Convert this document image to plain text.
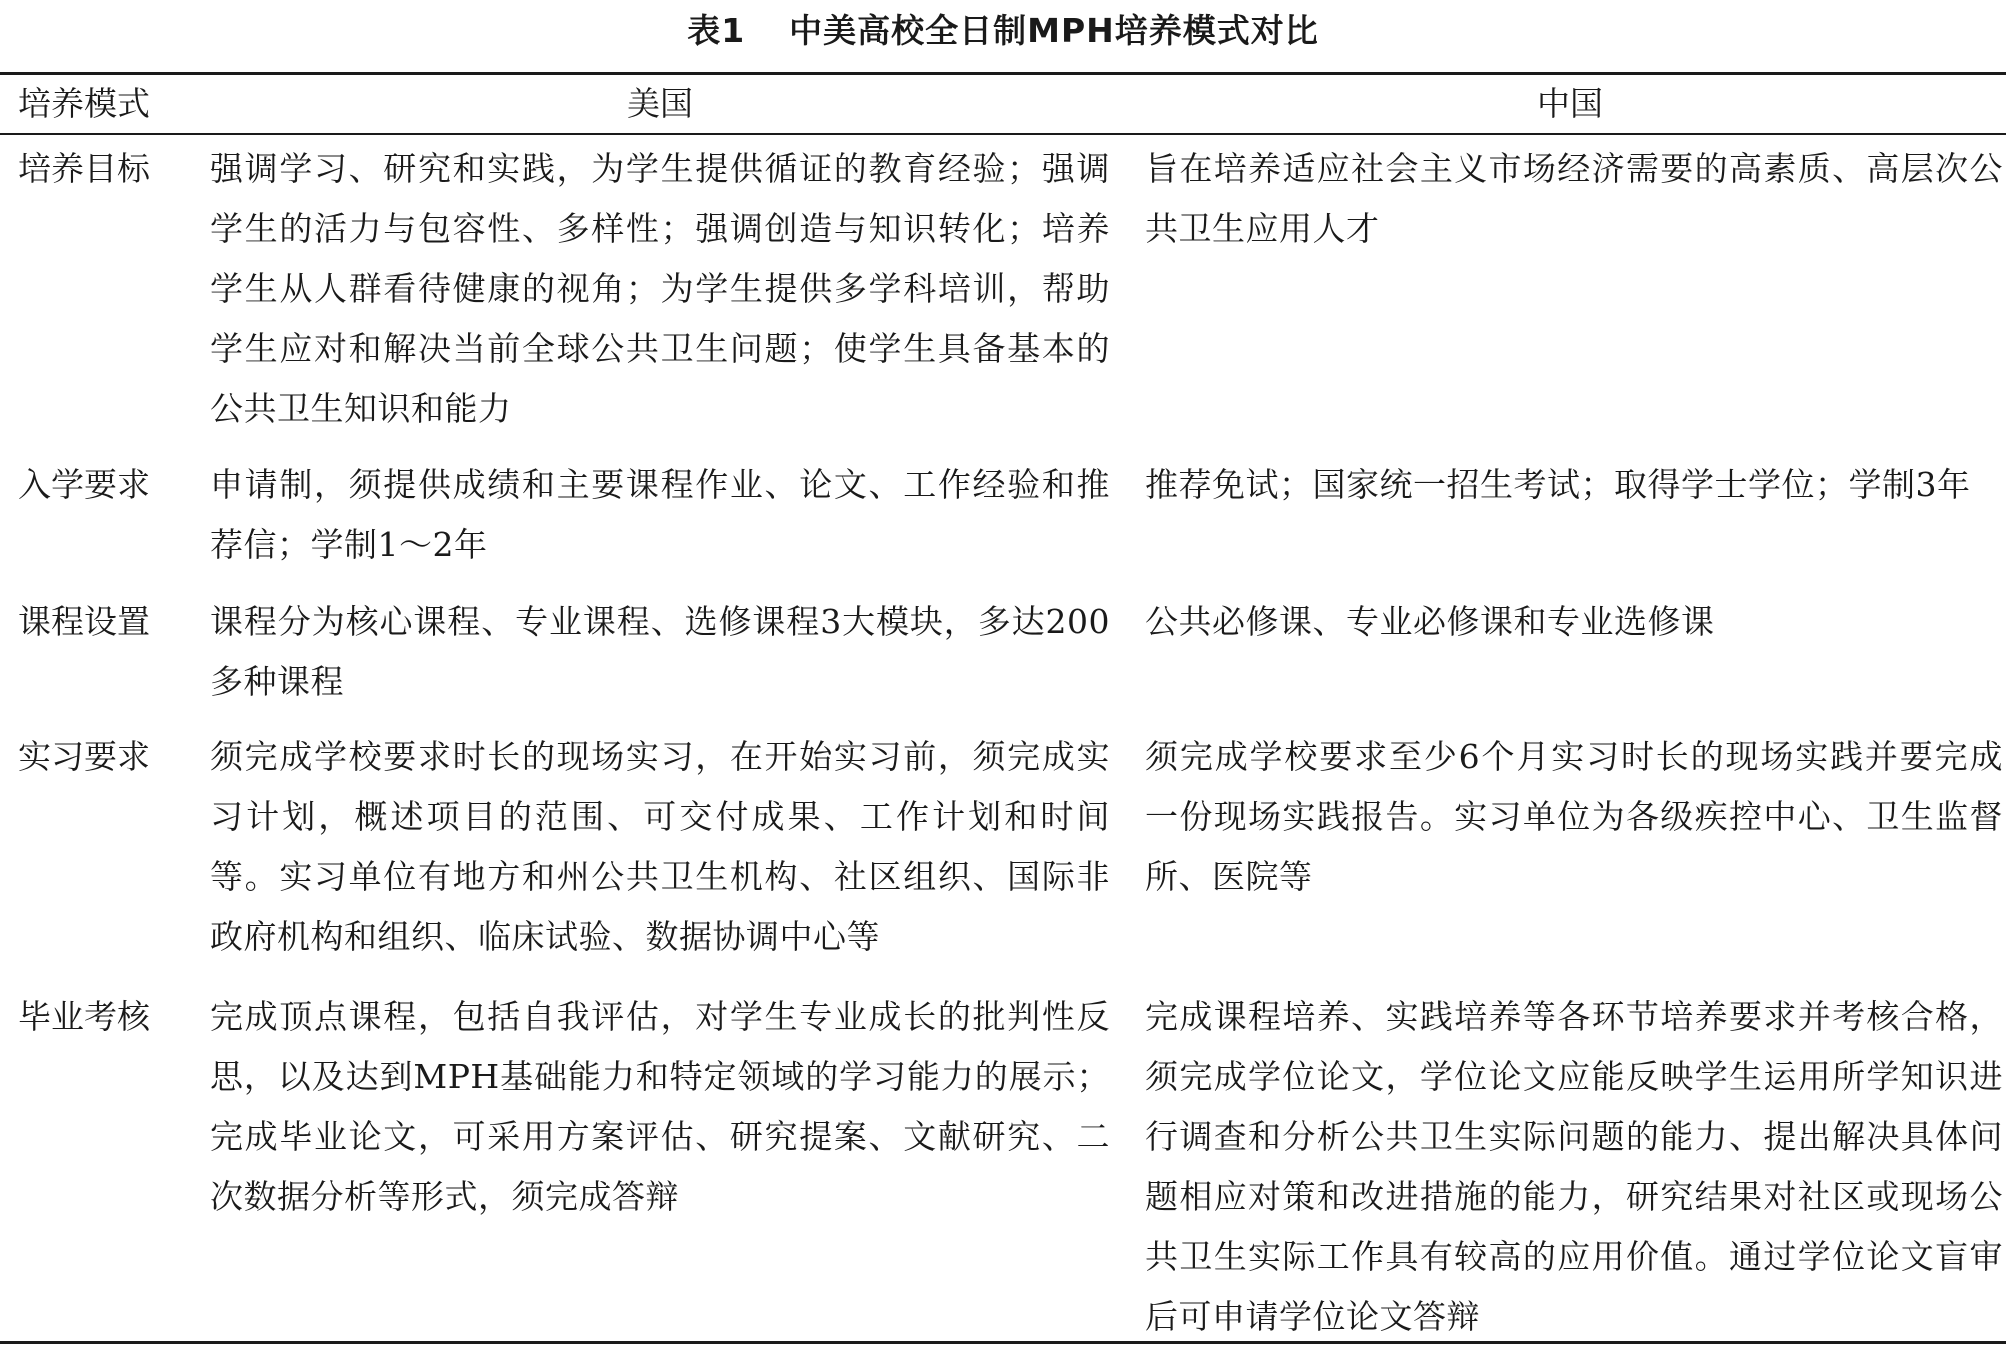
表1 中美高校全日制MPH培养模式对比
培养模式	美国	中国
培养目标 强调学习、研究和实践，为学生提供循证的教育经验；强调学生的活力与包容性、多样性；强调创造与知识转化；培养学生从人群看待健康的视角；为学生提供多学科培训，帮助学生应对和解决当前全球公共卫生问题；使学生具备基本的公共卫生知识和能力
旨在培养适应社会主义市场经济需要的高素质、高层次公共卫生应用人才
入学要求 申请制，须提供成绩和主要课程作业、论文、工作经验和推荐信；学制1～2年
推荐免试；国家统一招生考试；取得学士学位；学制3年
课程设置 课程分为核心课程、专业课程、选修课程3大模块，多达200多种课程
公共必修课、专业必修课和专业选修课
实习要求 须完成学校要求时长的现场实习，在开始实习前，须完成实习计划，概述项目的范围、可交付成果、工作计划和时间等。实习单位有地方和州公共卫生机构、社区组织、国际非政府机构和组织、临床试验、数据协调中心等
须完成学校要求至少6个月实习时长的现场实践并要完成一份现场实践报告。实习单位为各级疾控中心、卫生监督所、医院等
毕业考核 完成顶点课程，包括自我评估，对学生专业成长的批判性反思，以及达到MPH基础能力和特定领域的学习能力的展示；完成毕业论文，可采用方案评估、研究提案、文献研究、二次数据分析等形式，须完成答辩
完成课程培养、实践培养等各环节培养要求并考核合格，须完成学位论文，学位论文应能反映学生运用所学知识进行调查和分析公共卫生实际问题的能力、提出解决具体问题相应对策和改进措施的能力，研究结果对社区或现场公共卫生实际工作具有较高的应用价值。通过学位论文盲审后可申请学位论文答辩
